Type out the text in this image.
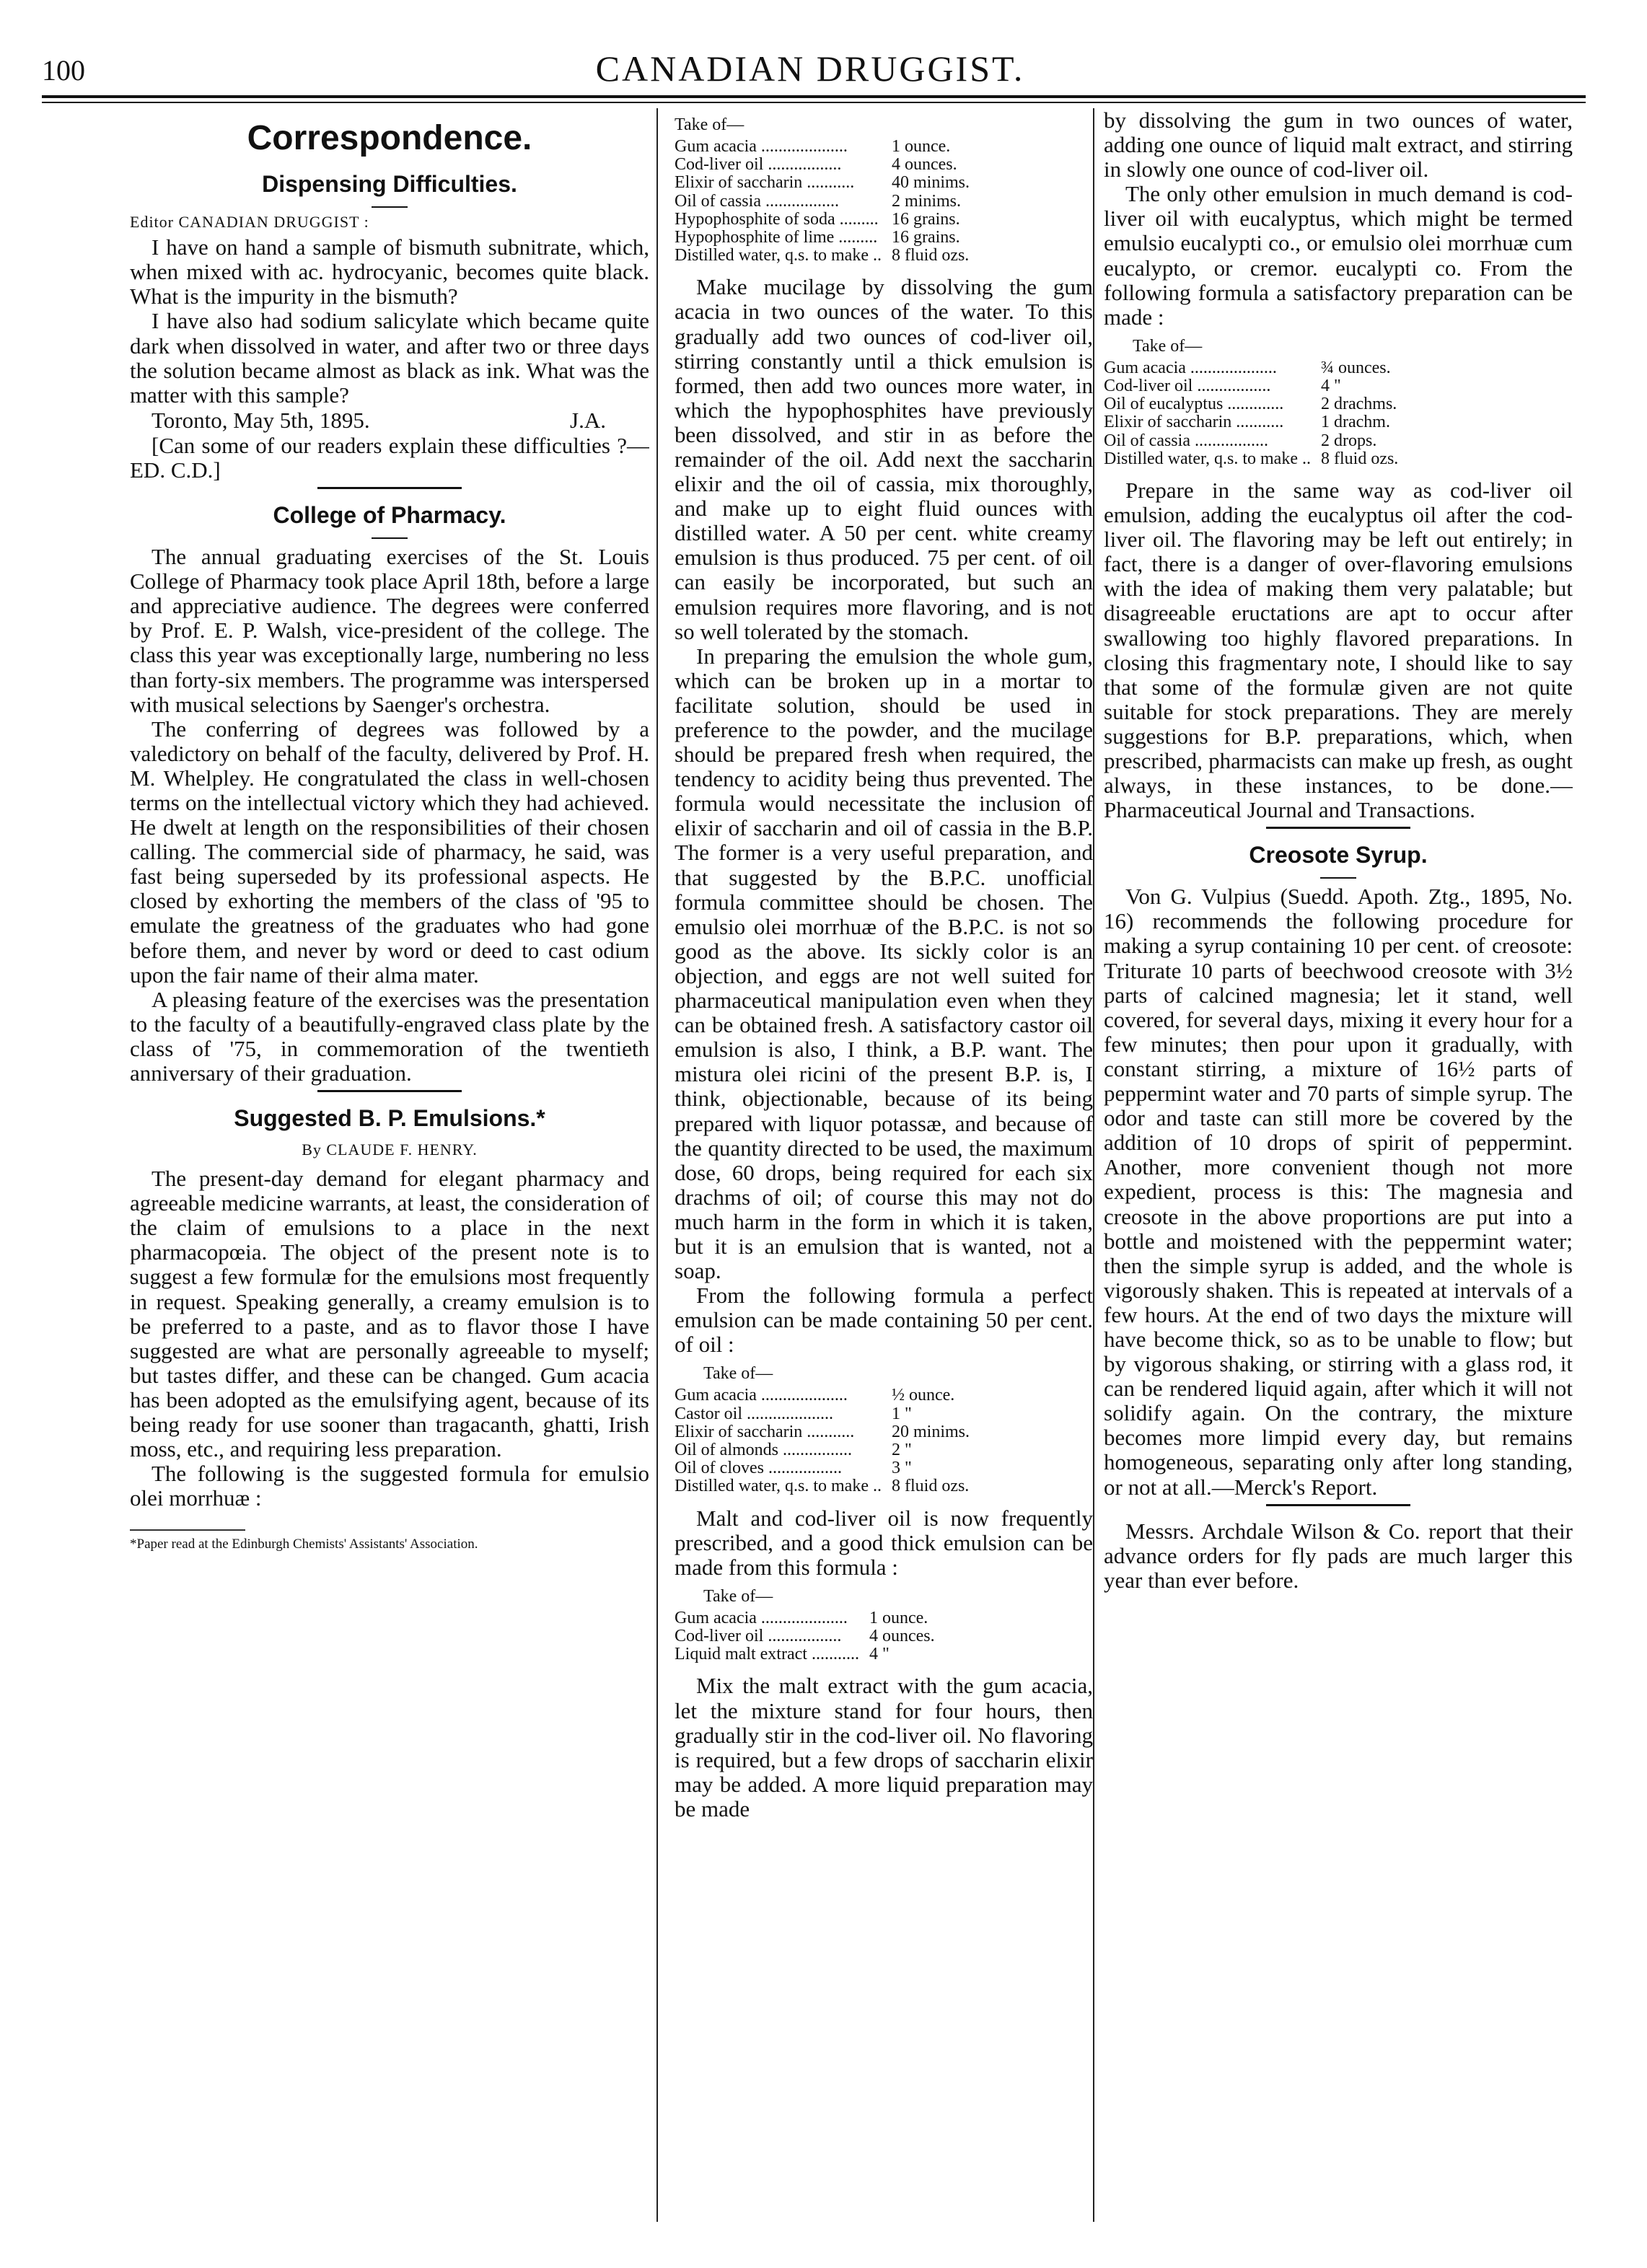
100	CANADIAN DRUGGIST.
Correspondence.
Dispensing Difficulties.

Editor CANADIAN DRUGGIST :

I have on hand a sample of bismuth subnitrate, which, when mixed with ac. hydrocyanic, becomes quite black. What is the impurity in the bismuth?

I have also had sodium salicylate which became quite dark when dissolved in water, and after two or three days the solution became almost as black as ink. What was the matter with this sample?

Toronto, May 5th, 1895.	J.A.

[Can some of our readers explain these difficulties ?—ED. C.D.]

College of Pharmacy.

The annual graduating exercises of the St. Louis College of Pharmacy took place April 18th, before a large and appreciative audience. The degrees were conferred by Prof. E. P. Walsh, vice-president of the college. The class this year was exceptionally large, numbering no less than forty-six members. The programme was interspersed with musical selections by Saenger's orchestra.

The conferring of degrees was followed by a valedictory on behalf of the faculty, delivered by Prof. H. M. Whelpley. He congratulated the class in well-chosen terms on the intellectual victory which they had achieved. He dwelt at length on the responsibilities of their chosen calling. The commercial side of pharmacy, he said, was fast being superseded by its professional aspects. He closed by exhorting the members of the class of '95 to emulate the greatness of the graduates who had gone before them, and never by word or deed to cast odium upon the fair name of their alma mater.

A pleasing feature of the exercises was the presentation to the faculty of a beautifully-engraved class plate by the class of '75, in commemoration of the twentieth anniversary of their graduation.

Suggested B. P. Emulsions.*
By CLAUDE F. HENRY.

The present-day demand for elegant pharmacy and agreeable medicine warrants, at least, the consideration of the claim of emulsions to a place in the next pharmacopœia. The object of the present note is to suggest a few formulæ for the emulsions most frequently in request. Speaking generally, a creamy emulsion is to be preferred to a paste, and as to flavor those I have suggested are what are personally agreeable to myself; but tastes differ, and these can be changed. Gum acacia has been adopted as the emulsifying agent, because of its being ready for use sooner than tragacanth, ghatti, Irish moss, etc., and requiring less preparation.

The following is the suggested formula for emulsio olei morrhuæ :

*Paper read at the Edinburgh Chemists' Assistants' Association.
Take of—
Gum acacia ....................	1 ounce.
Cod-liver oil .................	4 ounces.
Elixir of saccharin ...........	40 minims.
Oil of cassia .................	2 minims.
Hypophosphite of soda .........	16 grains.
Hypophosphite of lime .........	16 grains.
Distilled water, q.s. to make ..	8 fluid ozs.

Make mucilage by dissolving the gum acacia in two ounces of the water. To this gradually add two ounces of cod-liver oil, stirring constantly until a thick emulsion is formed, then add two ounces more water, in which the hypophosphites have previously been dissolved, and stir in as before the remainder of the oil. Add next the saccharin elixir and the oil of cassia, mix thoroughly, and make up to eight fluid ounces with distilled water. A 50 per cent. white creamy emulsion is thus produced. 75 per cent. of oil can easily be incorporated, but such an emulsion requires more flavoring, and is not so well tolerated by the stomach.

In preparing the emulsion the whole gum, which can be broken up in a mortar to facilitate solution, should be used in preference to the powder, and the mucilage should be prepared fresh when required, the tendency to acidity being thus prevented. The formula would necessitate the inclusion of elixir of saccharin and oil of cassia in the B.P. The former is a very useful preparation, and that suggested by the B.P.C. unofficial formula committee should be chosen. The emulsio olei morrhuæ of the B.P.C. is not so good as the above. Its sickly color is an objection, and eggs are not well suited for pharmaceutical manipulation even when they can be obtained fresh. A satisfactory castor oil emulsion is also, I think, a B.P. want. The mistura olei ricini of the present B.P. is, I think, objectionable, because of its being prepared with liquor potassæ, and because of the quantity directed to be used, the maximum dose, 60 drops, being required for each six drachms of oil; of course this may not do much harm in the form in which it is taken, but it is an emulsion that is wanted, not a soap.

From the following formula a perfect emulsion can be made containing 50 per cent. of oil :

Take of—
Gum acacia ....................	½ ounce.
Castor oil ....................	1 "
Elixir of saccharin ...........	20 minims.
Oil of almonds ................	2 "
Oil of cloves .................	3 "
Distilled water, q.s. to make ..	8 fluid ozs.

Malt and cod-liver oil is now frequently prescribed, and a good thick emulsion can be made from this formula :

Take of—
Gum acacia ....................	1 ounce.
Cod-liver oil .................	4 ounces.
Liquid malt extract ...........	4 "

Mix the malt extract with the gum acacia, let the mixture stand for four hours, then gradually stir in the cod-liver oil. No flavoring is required, but a few drops of saccharin elixir may be added. A more liquid preparation may be made

by dissolving the gum in two ounces of water, adding one ounce of liquid malt extract, and stirring in slowly one ounce of cod-liver oil.

The only other emulsion in much demand is cod-liver oil with eucalyptus, which might be termed emulsio eucalypti co., or emulsio olei morrhuæ cum eucalypto, or cremor. eucalypti co. From the following formula a satisfactory preparation can be made :

Take of—
Gum acacia ....................	¾ ounces.
Cod-liver oil .................	4 "
Oil of eucalyptus .............	2 drachms.
Elixir of saccharin ...........	1 drachm.
Oil of cassia .................	2 drops.
Distilled water, q.s. to make ..	8 fluid ozs.

Prepare in the same way as cod-liver oil emulsion, adding the eucalyptus oil after the cod-liver oil. The flavoring may be left out entirely; in fact, there is a danger of over-flavoring emulsions with the idea of making them very palatable; but disagreeable eructations are apt to occur after swallowing too highly flavored preparations. In closing this fragmentary note, I should like to say that some of the formulæ given are not quite suitable for stock preparations. They are merely suggestions for B.P. preparations, which, when prescribed, pharmacists can make up fresh, as ought always, in these instances, to be done.—Pharmaceutical Journal and Transactions.

Creosote Syrup.

Von G. Vulpius (Suedd. Apoth. Ztg., 1895, No. 16) recommends the following procedure for making a syrup containing 10 per cent. of creosote: Triturate 10 parts of beechwood creosote with 3½ parts of calcined magnesia; let it stand, well covered, for several days, mixing it every hour for a few minutes; then pour upon it gradually, with constant stirring, a mixture of 16½ parts of peppermint water and 70 parts of simple syrup. The odor and taste can still more be covered by the addition of 10 drops of spirit of peppermint. Another, more convenient though not more expedient, process is this: The magnesia and creosote in the above proportions are put into a bottle and moistened with the peppermint water; then the simple syrup is added, and the whole is vigorously shaken. This is repeated at intervals of a few hours. At the end of two days the mixture will have become thick, so as to be unable to flow; but by vigorous shaking, or stirring with a glass rod, it can be rendered liquid again, after which it will not solidify again. On the contrary, the mixture becomes more limpid every day, but remains homogeneous, separating only after long standing, or not at all.—Merck's Report.

Messrs. Archdale Wilson & Co. report that their advance orders for fly pads are much larger this year than ever before.
